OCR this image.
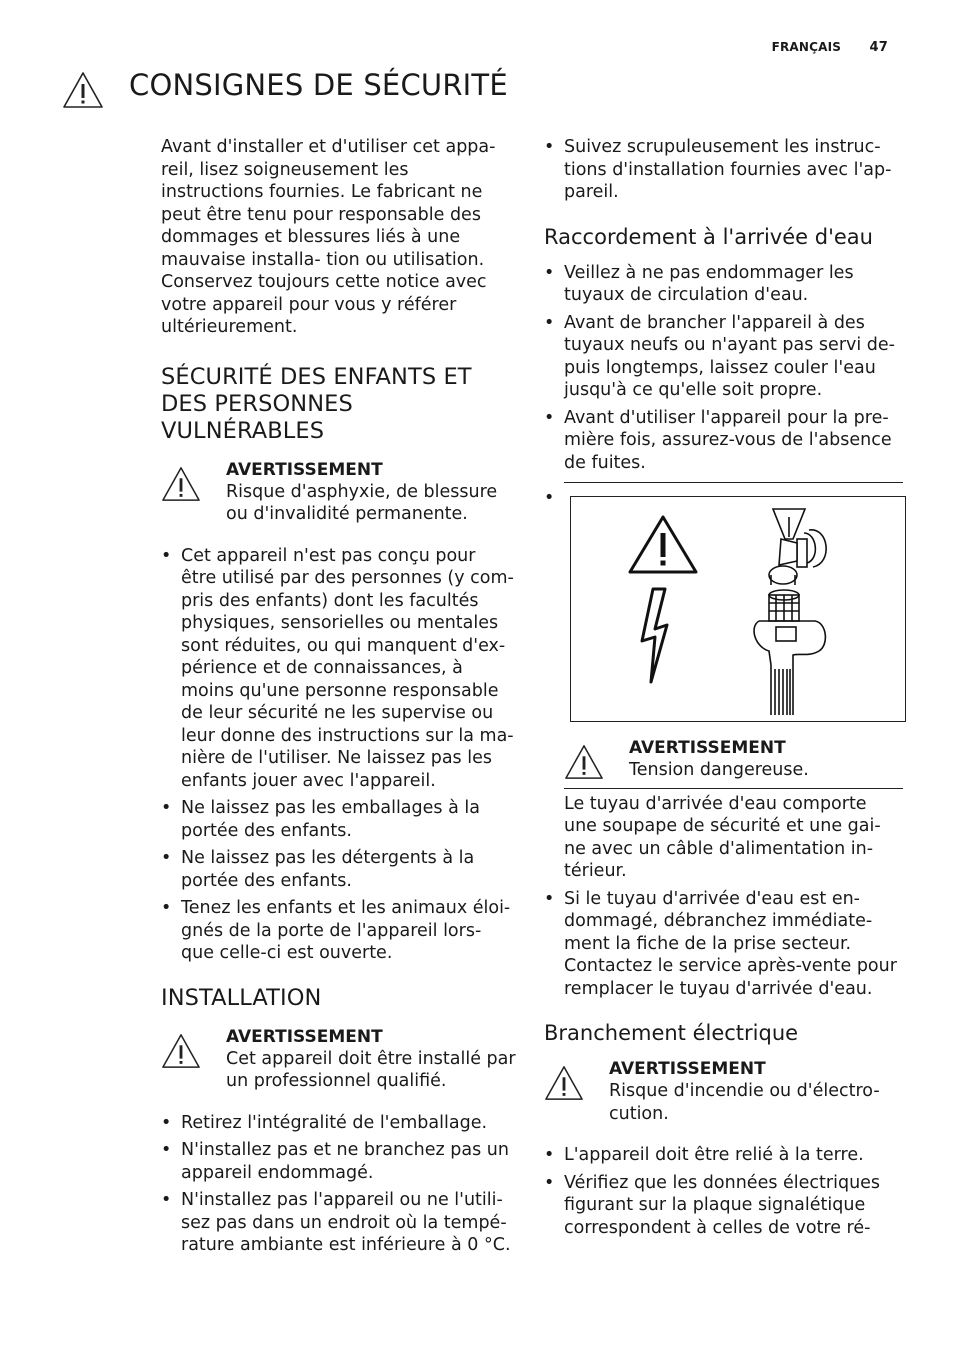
FRANÇAIS 47
CONSIGNES DE SÉCURITÉ

Avant d'installer et d'utiliser cet appa- reil, lisez soigneusement les instructions fournies. Le fabricant ne peut être tenu pour responsable des dommages et blessures liés à une mauvaise installa- tion ou utilisation. Conservez toujours cette notice avec votre appareil pour vous y référer ultérieurement.

SÉCURITÉ DES ENFANTS ET DES PERSONNES VULNÉRABLES
AVERTISSEMENT
Risque d'asphyxie, de blessure ou d'invalidité permanente.
• Cet appareil n'est pas conçu pour être utilisé par des personnes (y com- pris des enfants) dont les facultés physiques, sensorielles ou mentales sont réduites, ou qui manquent d'ex- périence et de connaissances, à moins qu'une personne responsable de leur sécurité ne les supervise ou leur donne des instructions sur la ma- nière de l'utiliser. Ne laissez pas les enfants jouer avec l'appareil.
• Ne laissez pas les emballages à la portée des enfants.
• Ne laissez pas les détergents à la portée des enfants.
• Tenez les enfants et les animaux éloi- gnés de la porte de l'appareil lors- que celle-ci est ouverte.
INSTALLATION
AVERTISSEMENT
Cet appareil doit être installé par un professionnel qualifié.
• Retirez l'intégralité de l'emballage.
• N'installez pas et ne branchez pas un appareil endommagé.
• N'installez pas l'appareil ou ne l'utili- sez pas dans un endroit où la tempé- rature ambiante est inférieure à 0 °C.
• Suivez scrupuleusement les instruc- tions d'installation fournies avec l'ap- pareil.
Raccordement à l'arrivée d'eau
• Veillez à ne pas endommager les tuyaux de circulation d'eau.
• Avant de brancher l'appareil à des tuyaux neufs ou n'ayant pas servi de- puis longtemps, laissez couler l'eau jusqu'à ce qu'elle soit propre.
• Avant d'utiliser l'appareil pour la pre- mière fois, assurez-vous de l'absence de fuites.
•
AVERTISSEMENT
Tension dangereuse.

Le tuyau d'arrivée d'eau comporte une soupape de sécurité et une gai- ne avec un câble d'alimentation in- térieur.

• Si le tuyau d'arrivée d'eau est en- dommagé, débranchez immédiate- ment la fiche de la prise secteur. Contactez le service après-vente pour remplacer le tuyau d'arrivée d'eau.
Branchement électrique
AVERTISSEMENT
Risque d'incendie ou d'électro- cution.
• L'appareil doit être relié à la terre.
• Vérifiez que les données électriques figurant sur la plaque signalétique correspondent à celles de votre ré-
